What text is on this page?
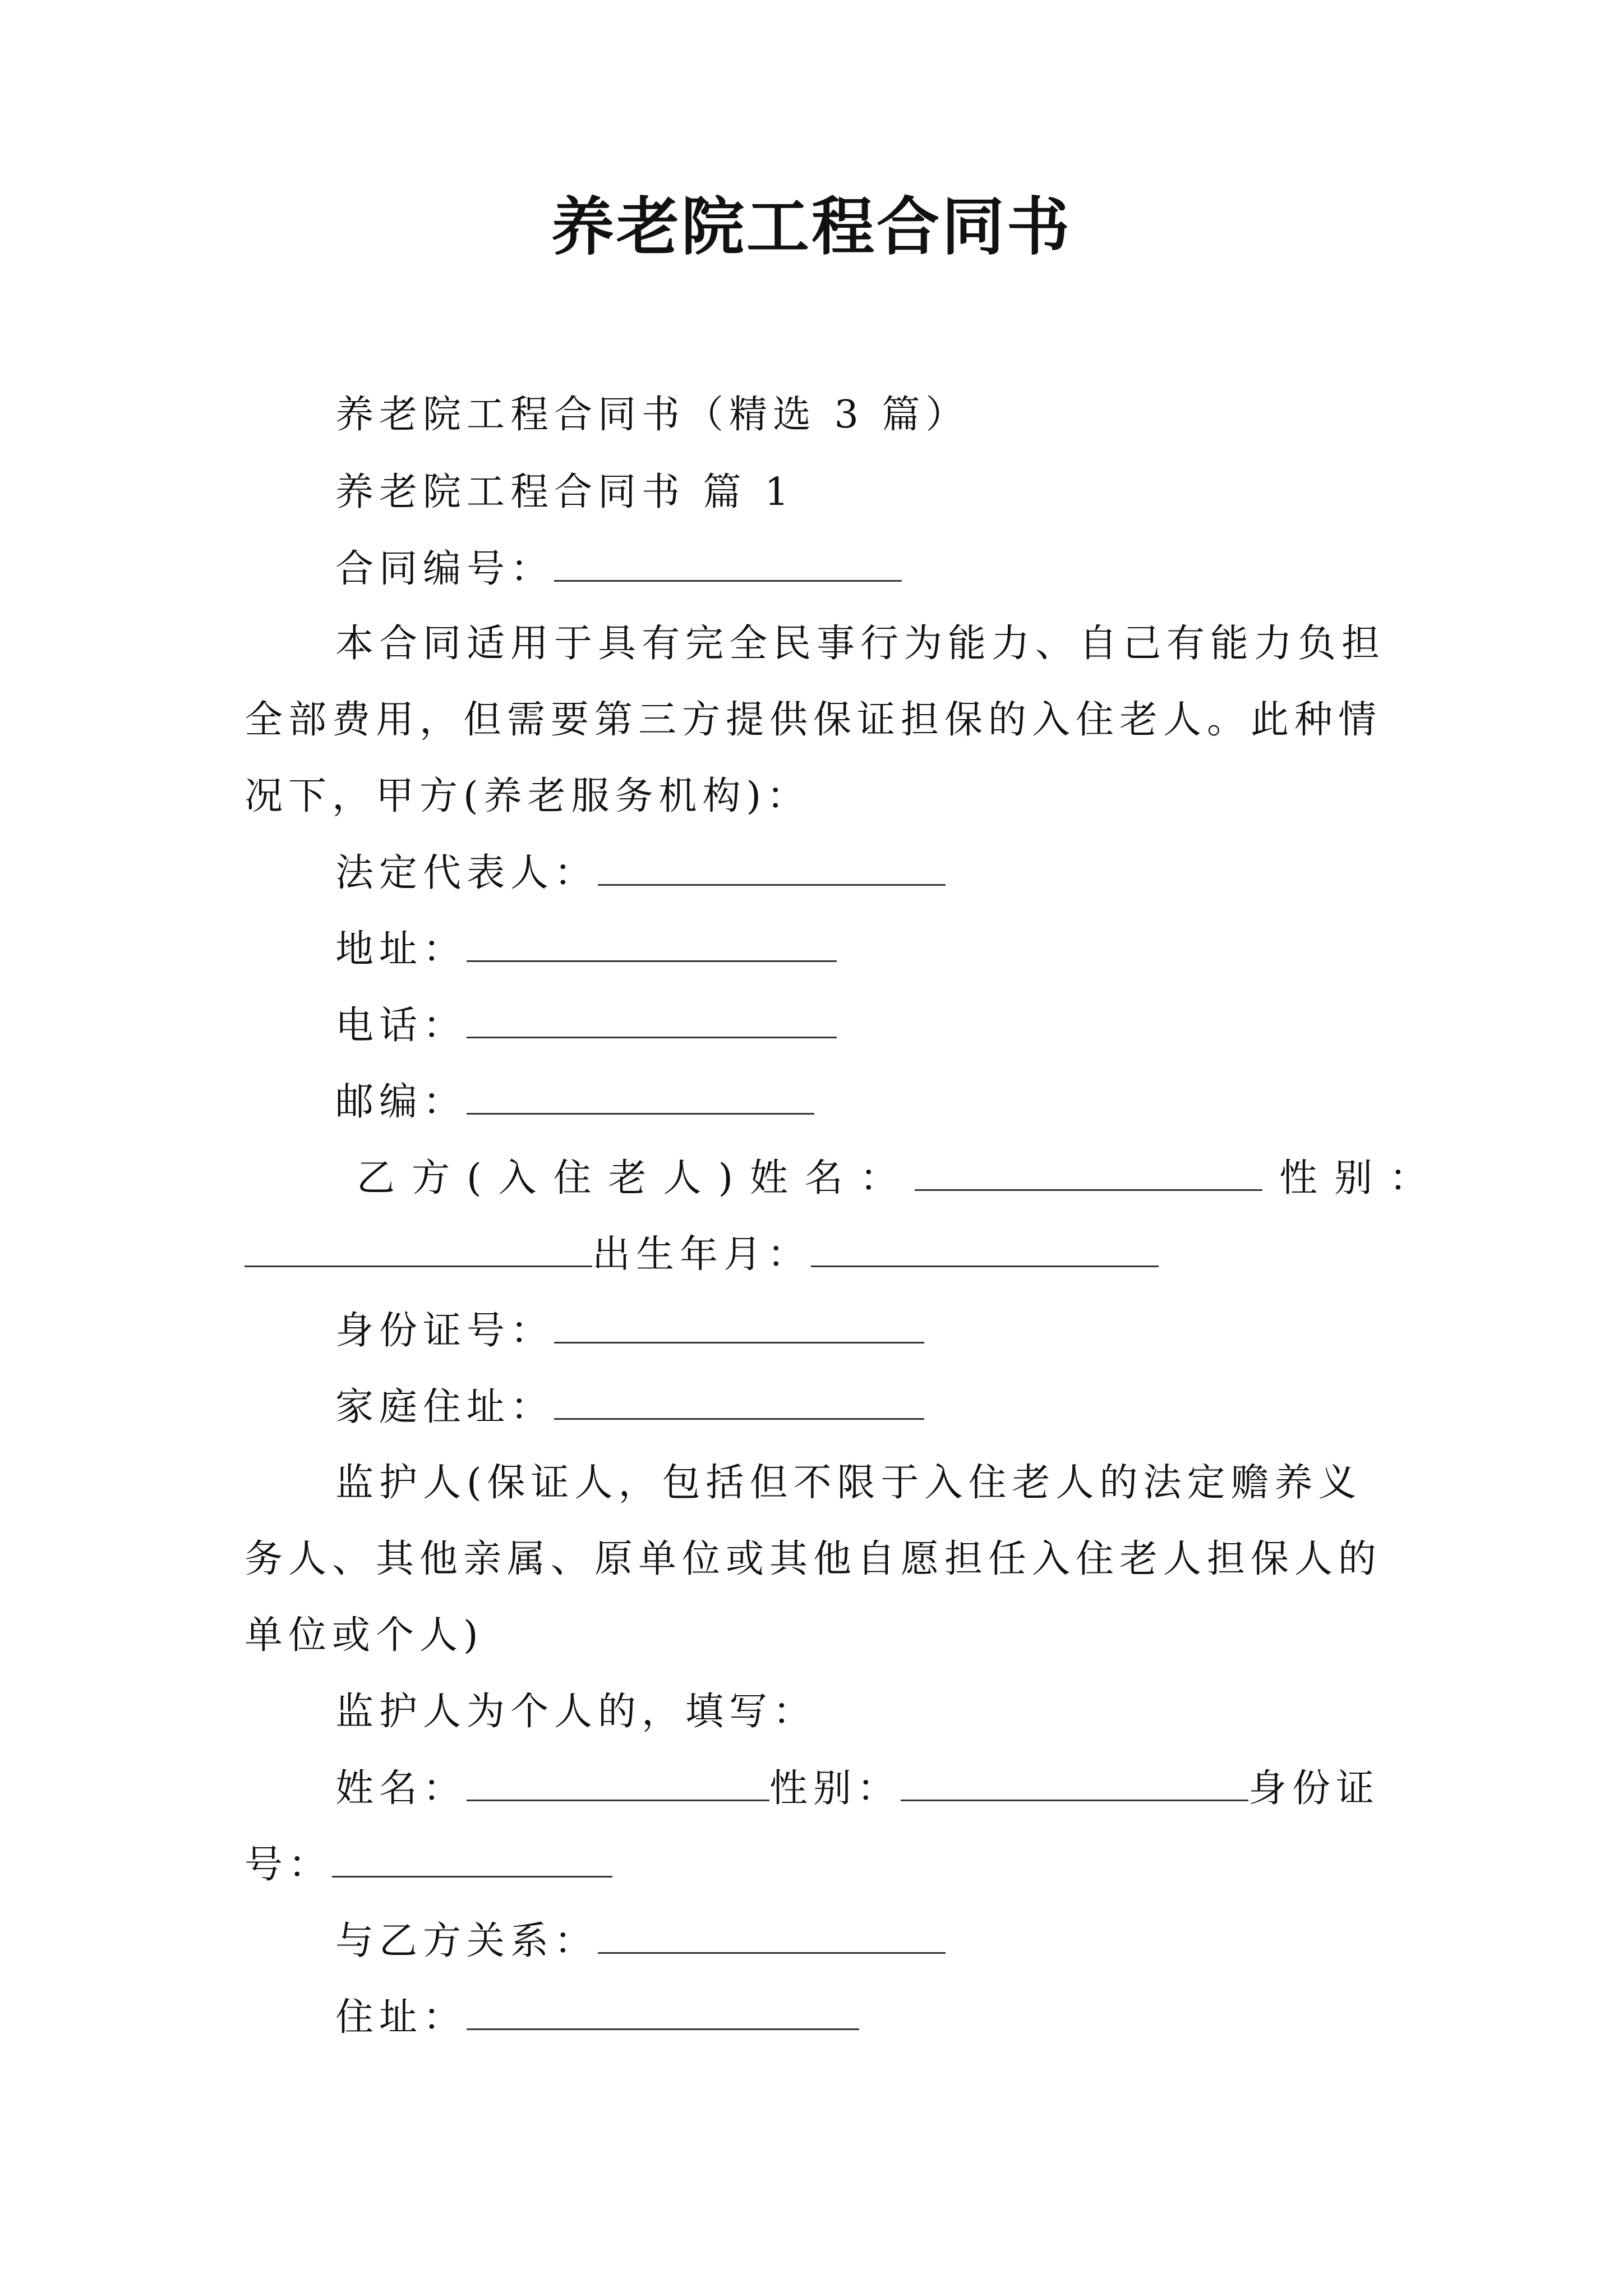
养老院工程合同书
养老院工程合同书（精选 3 篇）
养老院工程合同书 篇 1
合同编号：
本合同适用于具有完全民事行为能力、自己有能力负担
全部费用，但需要第三方提供保证担保的入住老人。此种情
况下，甲方(养老服务机构)：
法定代表人：
地址：
电话：
邮编：
乙方(入住老人)姓名：	性别：
出生年月：
身份证号：
家庭住址：
监护人(保证人，包括但不限于入住老人的法定赡养义
务人、其他亲属、原单位或其他自愿担任入住老人担保人的
单位或个人)
监护人为个人的，填写：
姓名：	性别：	身份证
号：
与乙方关系：
住址：
